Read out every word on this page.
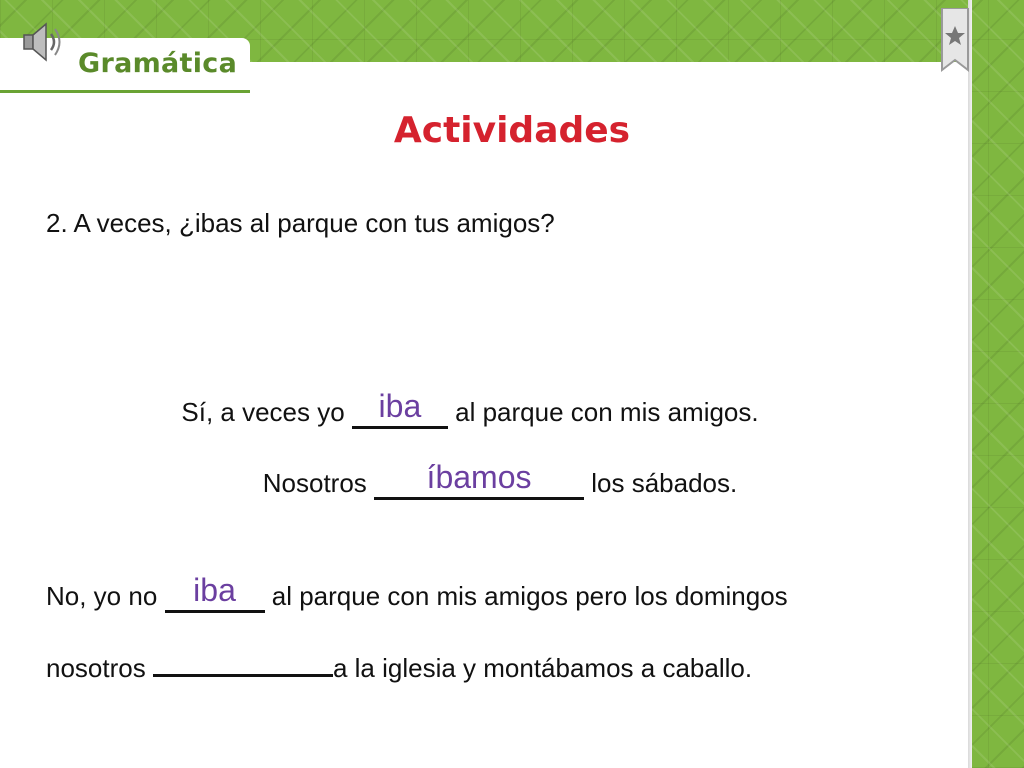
Gramática
Actividades
2. A veces, ¿ibas al parque con tus amigos?
Sí, a veces yo iba al parque con mis amigos.
Nosotros íbamos los sábados.
No, yo no iba al parque con mis amigos pero los domingos
nosotros	a la iglesia y montábamos a caballo.
